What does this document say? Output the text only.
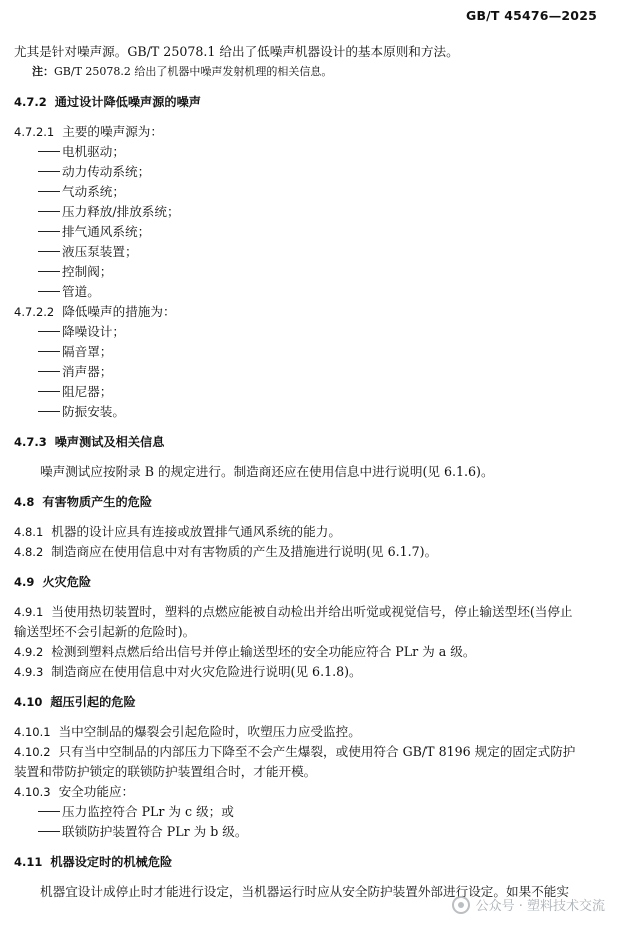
GB/T 45476—2025
尤其是针对噪声源。GB/T 25078.1 给出了低噪声机器设计的基本原则和方法。
注：GB/T 25078.2 给出了机器中噪声发射机理的相关信息。
4.7.2 通过设计降低噪声源的噪声
4.7.2.1 主要的噪声源为：
电机驱动；
动力传动系统；
气动系统；
压力释放/排放系统；
排气通风系统；
液压泵装置；
控制阀；
管道。
4.7.2.2 降低噪声的措施为：
降噪设计；
隔音罩；
消声器；
阻尼器；
防振安装。
4.7.3 噪声测试及相关信息
噪声测试应按附录 B 的规定进行。制造商还应在使用信息中进行说明(见 6.1.6)。
4.8 有害物质产生的危险
4.8.1 机器的设计应具有连接或放置排气通风系统的能力。
4.8.2 制造商应在使用信息中对有害物质的产生及措施进行说明(见 6.1.7)。
4.9 火灾危险
4.9.1 当使用热切装置时，塑料的点燃应能被自动检出并给出听觉或视觉信号，停止输送型坯(当停止
输送型坯不会引起新的危险时)。
4.9.2 检测到塑料点燃后给出信号并停止输送型坯的安全功能应符合 PLr 为 a 级。
4.9.3 制造商应在使用信息中对火灾危险进行说明(见 6.1.8)。
4.10 超压引起的危险
4.10.1 当中空制品的爆裂会引起危险时，吹塑压力应受监控。
4.10.2 只有当中空制品的内部压力下降至不会产生爆裂，或使用符合 GB/T 8196 规定的固定式防护
装置和带防护锁定的联锁防护装置组合时，才能开模。
4.10.3 安全功能应：
压力监控符合 PLr 为 c 级；或
联锁防护装置符合 PLr 为 b 级。
4.11 机器设定时的机械危险
机器宜设计成停止时才能进行设定，当机器运行时应从安全防护装置外部进行设定。如果不能实
公众号 · 塑料技术交流
